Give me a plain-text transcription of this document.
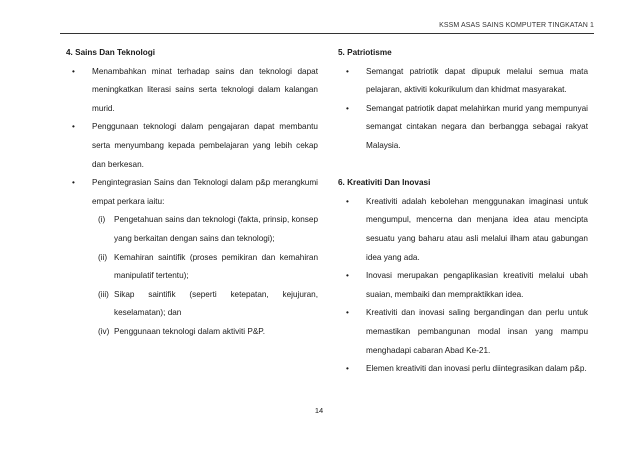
KSSM ASAS SAINS KOMPUTER TINGKATAN 1
4. Sains Dan Teknologi
• Menambahkan minat terhadap sains dan teknologi dapat meningkatkan literasi sains serta teknologi dalam kalangan murid.
• Penggunaan teknologi dalam pengajaran dapat membantu serta menyumbang kepada pembelajaran yang lebih cekap dan berkesan.
• Pengintegrasian Sains dan Teknologi dalam p&p merangkumi empat perkara iaitu:
(i) Pengetahuan sains dan teknologi (fakta, prinsip, konsep yang berkaitan dengan sains dan teknologi);
(ii) Kemahiran saintifik (proses pemikiran dan kemahiran manipulatif tertentu);
(iii) Sikap saintifik (seperti ketepatan, kejujuran, keselamatan); dan
(iv) Penggunaan teknologi dalam aktiviti P&P.
5. Patriotisme
• Semangat patriotik dapat dipupuk melalui semua mata pelajaran, aktiviti kokurikulum dan khidmat masyarakat.
• Semangat patriotik dapat melahirkan murid yang mempunyai semangat cintakan negara dan berbangga sebagai rakyat Malaysia.
6. Kreativiti Dan Inovasi
• Kreativiti adalah kebolehan menggunakan imaginasi untuk mengumpul, mencerna dan menjana idea atau mencipta sesuatu yang baharu atau asli melalui ilham atau gabungan idea yang ada.
• Inovasi merupakan pengaplikasian kreativiti melalui ubah suaian, membaiki dan mempraktikkan idea.
• Kreativiti dan inovasi saling bergandingan dan perlu untuk memastikan pembangunan modal insan yang mampu menghadapi cabaran Abad Ke-21.
• Elemen kreativiti dan inovasi perlu diintegrasikan dalam p&p.
14
